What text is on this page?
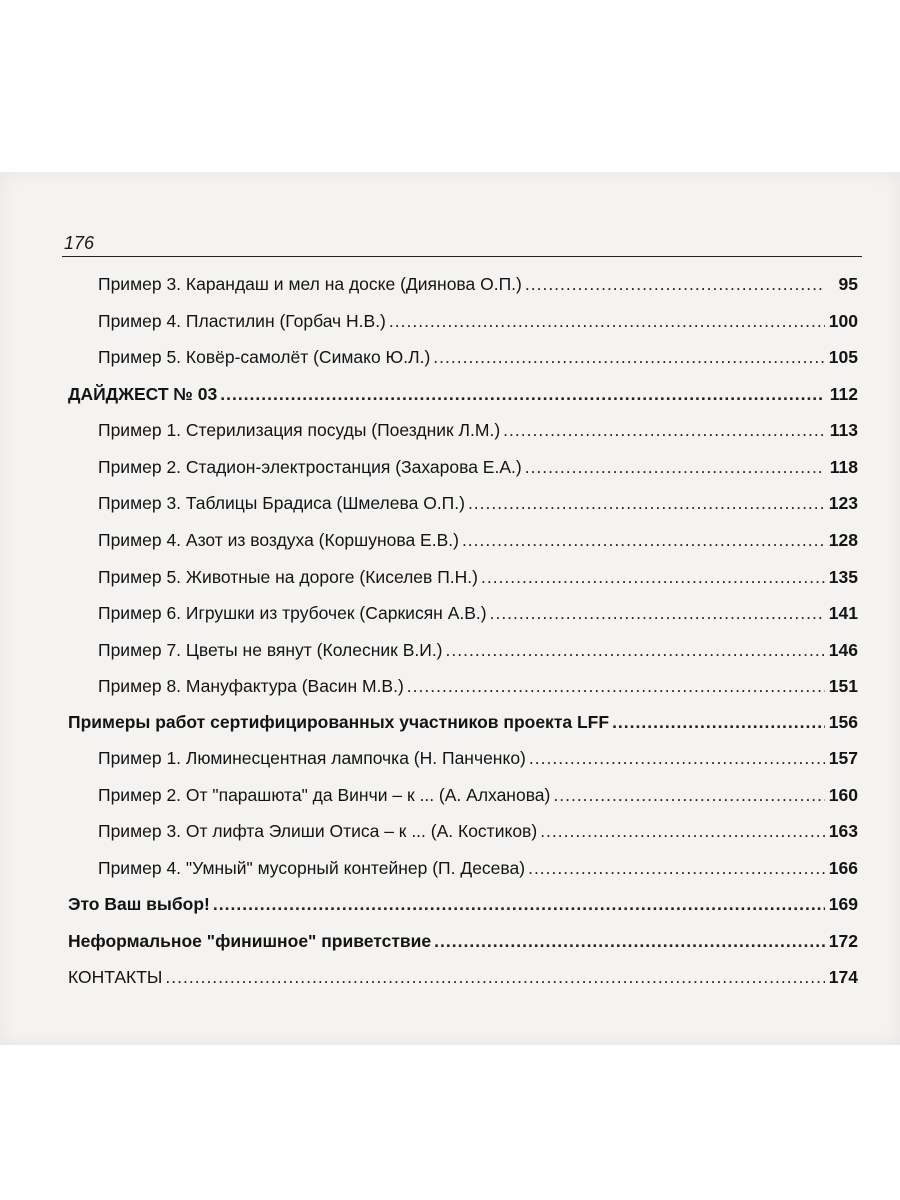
176
Пример 3. Карандаш и мел на доске (Диянова О.П.) .....	95
Пример 4. Пластилин (Горбач Н.В.) .....	100
Пример 5. Ковёр-самолёт (Симако Ю.Л.) .....	105
ДАЙДЖЕСТ № 03 .....	112
Пример 1. Стерилизация посуды (Поездник Л.М.) .....	113
Пример 2. Стадион-электростанция (Захарова Е.А.) .....	118
Пример 3. Таблицы Брадиса (Шмелева О.П.) .....	123
Пример 4. Азот из воздуха (Коршунова Е.В.) .....	128
Пример 5. Животные на дороге (Киселев П.Н.) .....	135
Пример 6. Игрушки из трубочек (Саркисян А.В.) .....	141
Пример 7. Цветы не вянут (Колесник В.И.) .....	146
Пример 8. Мануфактура (Васин М.В.) .....	151
Примеры работ сертифицированных участников проекта LFF .....	156
Пример 1. Люминесцентная лампочка (Н. Панченко) .....	157
Пример 2. От "парашюта" да Винчи – к ... (А. Алханова) .....	160
Пример 3. От лифта Элиши Отиса – к ... (А. Костиков) .....	163
Пример 4. "Умный" мусорный контейнер (П. Десева) .....	166
Это Ваш выбор! .....	169
Неформальное "финишное" приветствие .....	172
КОНТАКТЫ .....	174
